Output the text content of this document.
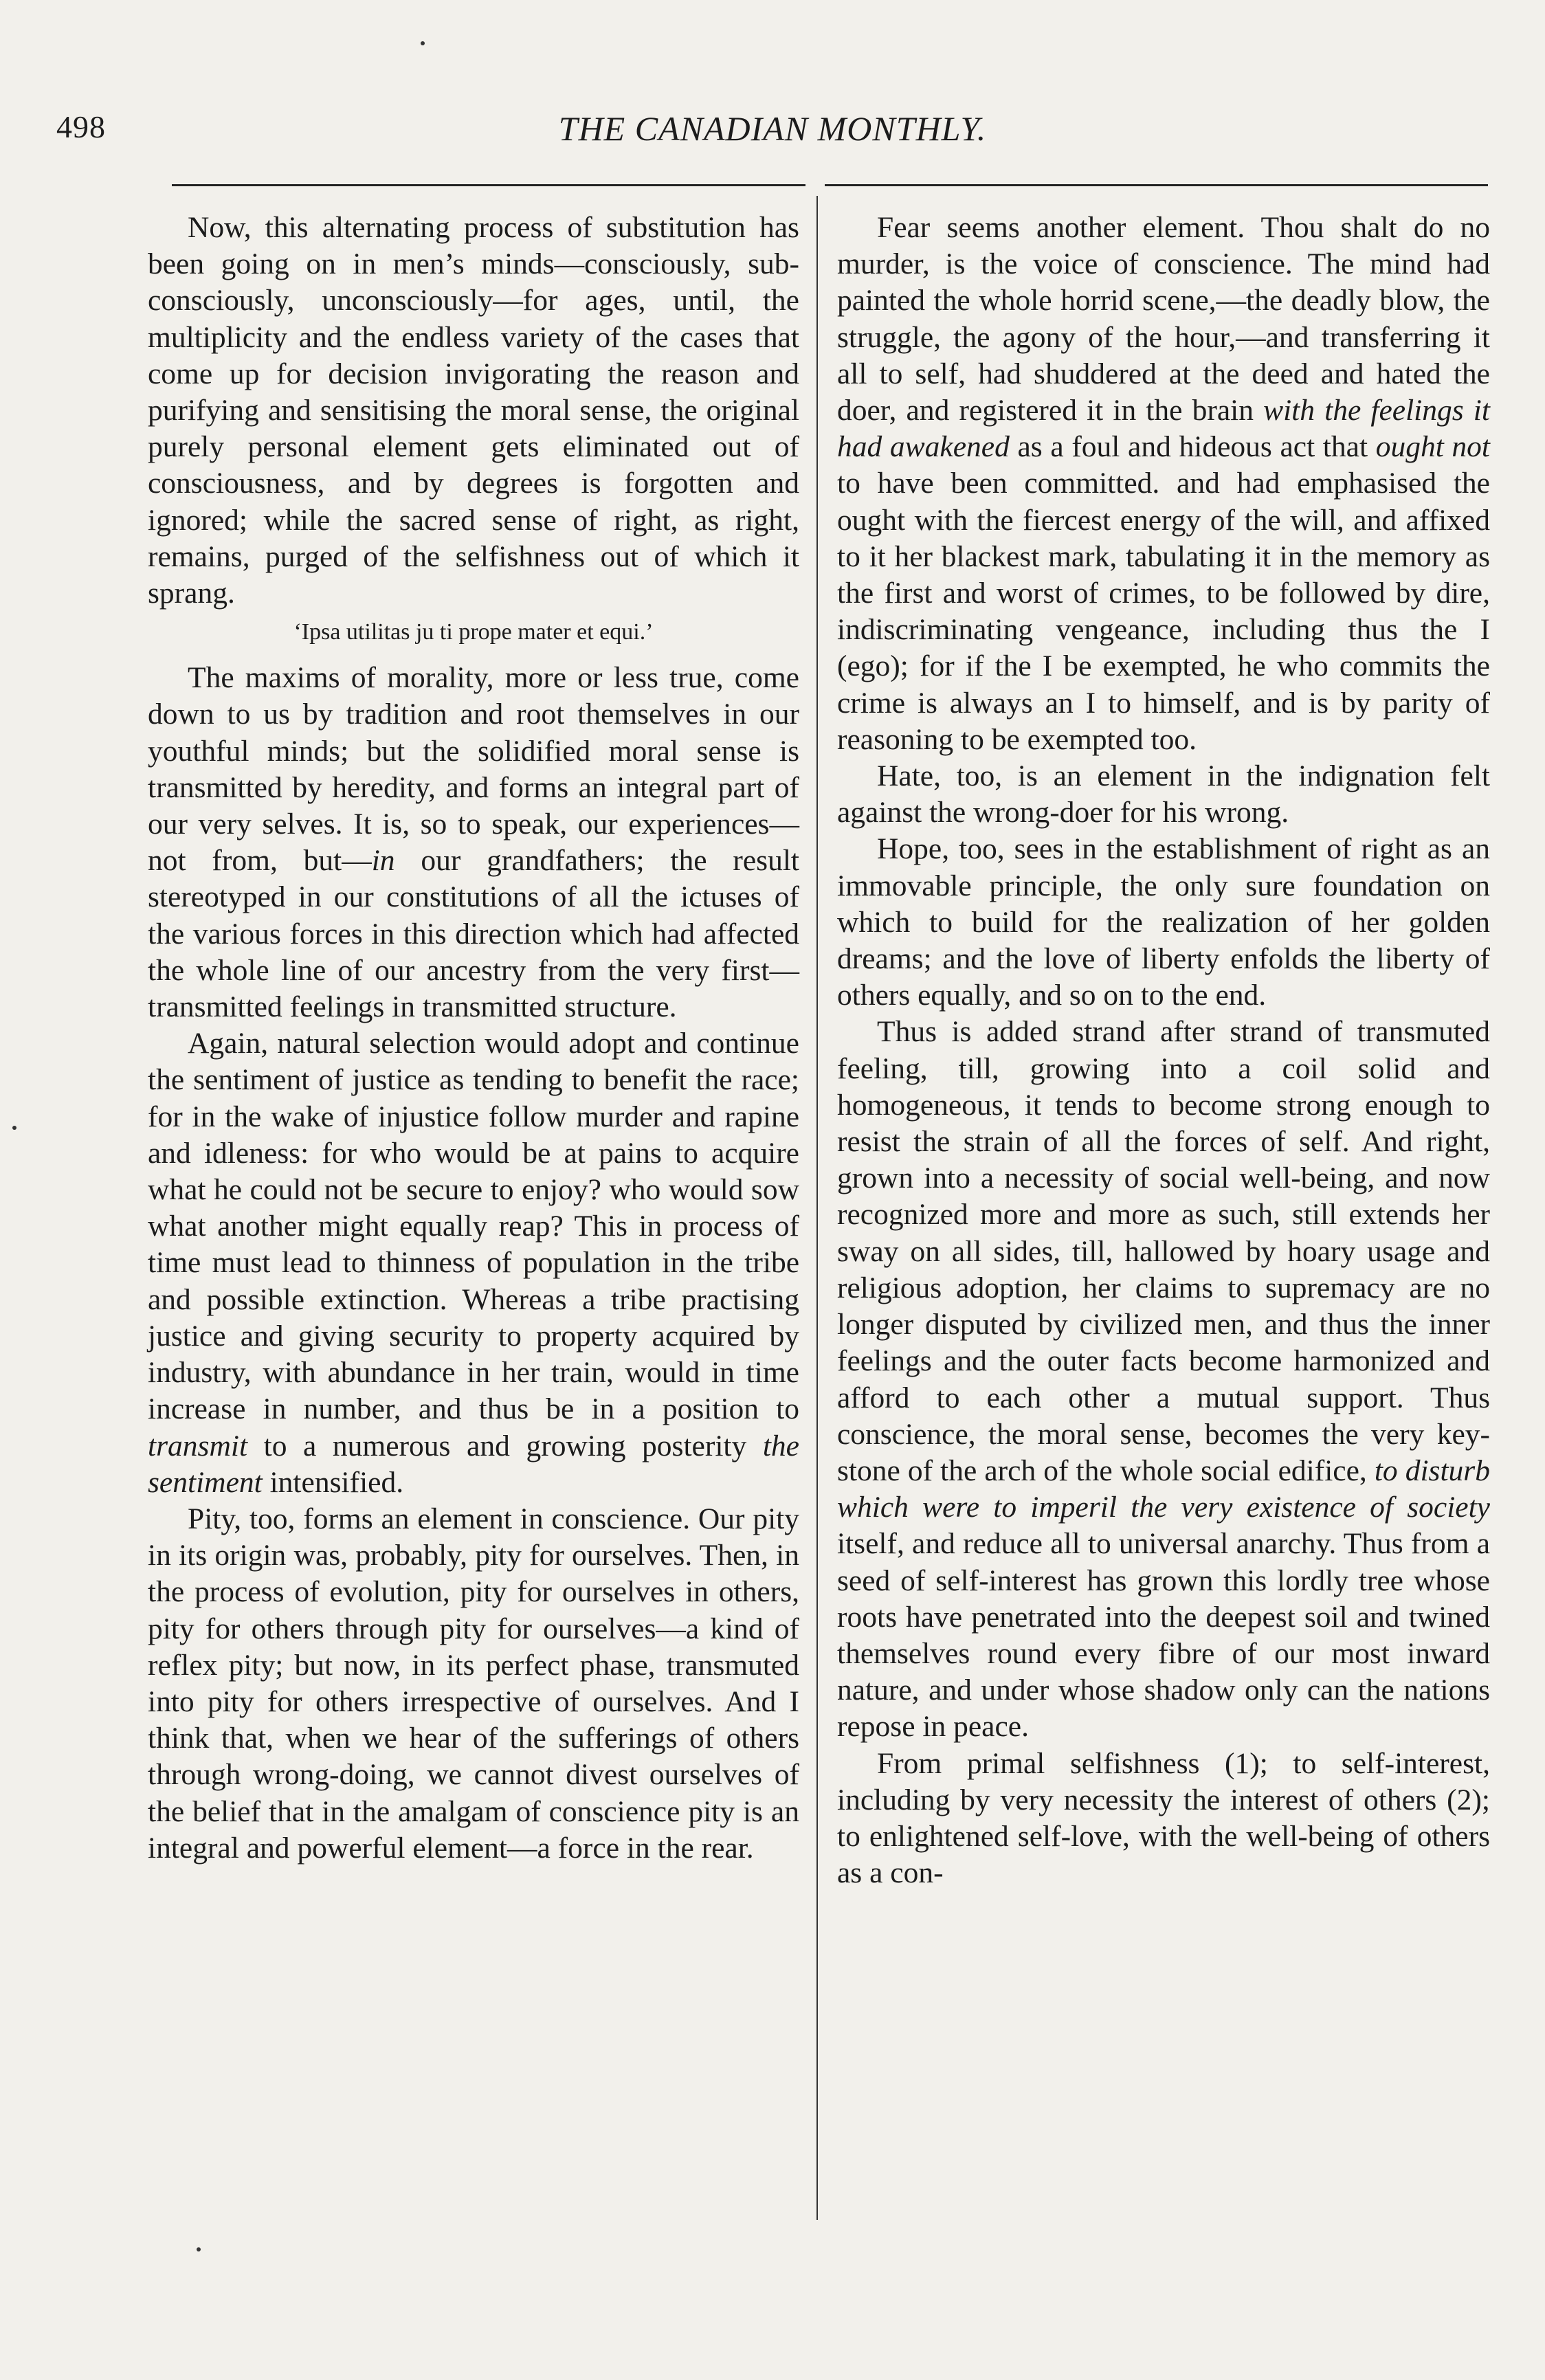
498	THE CANADIAN MONTHLY.

Now, this alternating process of substitution has been going on in men’s minds—consciously, sub-consciously, unconsciously—for ages, until, the multiplicity and the endless variety of the cases that come up for decision invigorating the reason and purifying and sensitising the moral sense, the original purely personal element gets eliminated out of consciousness, and by degrees is forgotten and ignored; while the sacred sense of right, as right, remains, purged of the selfishness out of which it sprang.

‘Ipsa utilitas ju ti prope mater et equi.’

The maxims of morality, more or less true, come down to us by tradition and root themselves in our youthful minds; but the solidified moral sense is transmitted by heredity, and forms an integral part of our very selves. It is, so to speak, our experiences—not from, but—in our grandfathers; the result stereotyped in our constitutions of all the ictuses of the various forces in this direction which had affected the whole line of our ancestry from the very first—transmitted feelings in transmitted structure.

Again, natural selection would adopt and continue the sentiment of justice as tending to benefit the race; for in the wake of injustice follow murder and rapine and idleness: for who would be at pains to acquire what he could not be secure to enjoy? who would sow what another might equally reap? This in process of time must lead to thinness of population in the tribe and possible extinction. Whereas a tribe practising justice and giving security to property acquired by industry, with abundance in her train, would in time increase in number, and thus be in a position to transmit to a numerous and growing posterity the sentiment intensified.

Pity, too, forms an element in conscience. Our pity in its origin was, probably, pity for ourselves. Then, in the process of evolution, pity for ourselves in others, pity for others through pity for ourselves—a kind of reflex pity; but now, in its perfect phase, transmuted into pity for others irrespective of ourselves. And I think that, when we hear of the sufferings of others through wrong-doing, we cannot divest ourselves of the belief that in the amalgam of conscience pity is an integral and powerful element—a force in the rear.

Fear seems another element. Thou shalt do no murder, is the voice of conscience. The mind had painted the whole horrid scene,—the deadly blow, the struggle, the agony of the hour,—and transferring it all to self, had shuddered at the deed and hated the doer, and registered it in the brain with the feelings it had awakened as a foul and hideous act that ought not to have been committed. and had emphasised the ought with the fiercest energy of the will, and affixed to it her blackest mark, tabulating it in the memory as the first and worst of crimes, to be followed by dire, indiscriminating vengeance, including thus the I (ego); for if the I be exempted, he who commits the crime is always an I to himself, and is by parity of reasoning to be exempted too.

Hate, too, is an element in the indignation felt against the wrong-doer for his wrong.

Hope, too, sees in the establishment of right as an immovable principle, the only sure foundation on which to build for the realization of her golden dreams; and the love of liberty enfolds the liberty of others equally, and so on to the end.

Thus is added strand after strand of transmuted feeling, till, growing into a coil solid and homogeneous, it tends to become strong enough to resist the strain of all the forces of self. And right, grown into a necessity of social well-being, and now recognized more and more as such, still extends her sway on all sides, till, hallowed by hoary usage and religious adoption, her claims to supremacy are no longer disputed by civilized men, and thus the inner feelings and the outer facts become harmonized and afford to each other a mutual support. Thus conscience, the moral sense, becomes the very key-stone of the arch of the whole social edifice, to disturb which were to imperil the very existence of society itself, and reduce all to universal anarchy. Thus from a seed of self-interest has grown this lordly tree whose roots have penetrated into the deepest soil and twined themselves round every fibre of our most inward nature, and under whose shadow only can the nations repose in peace.

From primal selfishness (1); to self-interest, including by very necessity the interest of others (2); to enlightened self-love, with the well-being of others as a con-
